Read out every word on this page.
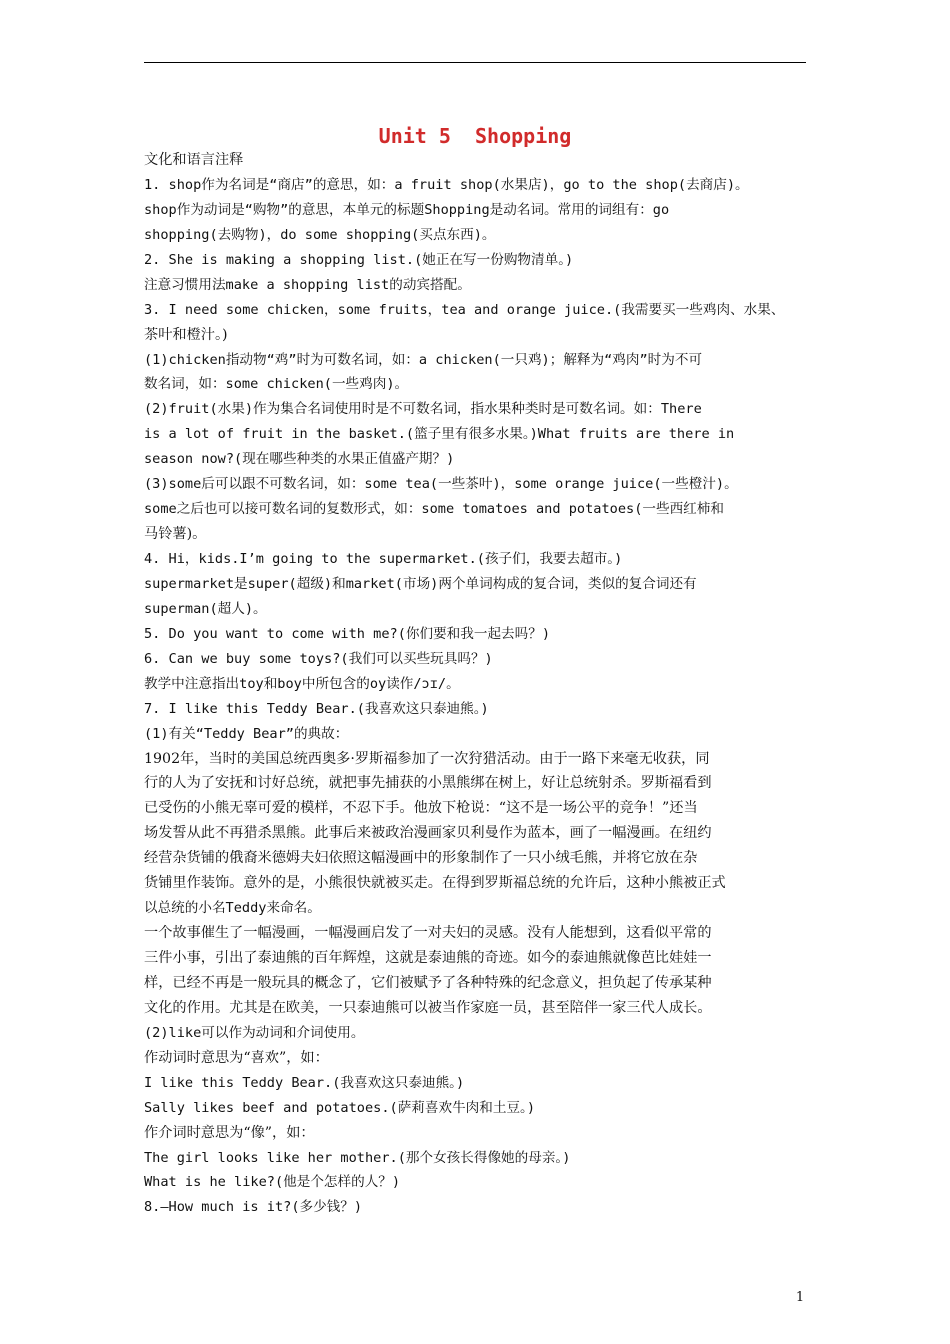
Unit 5  Shopping
文化和语言注释
1. shop作为名词是“商店”的意思，如：a fruit shop(水果店)，go to the shop(去商店)。
shop作为动词是“购物”的意思，本单元的标题Shopping是动名词。常用的词组有：go
shopping(去购物)，do some shopping(买点东西)。
2. She is making a shopping list.(她正在写一份购物清单。)
注意习惯用法make a shopping list的动宾搭配。
3. I need some chicken，some fruits，tea and orange juice.(我需要买一些鸡肉、水果、
茶叶和橙汁。)
(1)chicken指动物“鸡”时为可数名词，如：a chicken(一只鸡)；解释为“鸡肉”时为不可
数名词，如：some chicken(一些鸡肉)。
(2)fruit(水果)作为集合名词使用时是不可数名词，指水果种类时是可数名词。如：There
is a lot of fruit in the basket.(篮子里有很多水果。)What fruits are there in
season now?(现在哪些种类的水果正值盛产期？)
(3)some后可以跟不可数名词，如：some tea(一些茶叶)，some orange juice(一些橙汁)。
some之后也可以接可数名词的复数形式，如：some tomatoes and potatoes(一些西红柿和
马铃薯)。
4. Hi，kids.I’m going to the supermarket.(孩子们，我要去超市。)
supermarket是super(超级)和market(市场)两个单词构成的复合词，类似的复合词还有
superman(超人)。
5. Do you want to come with me?(你们要和我一起去吗？)
6. Can we buy some toys?(我们可以买些玩具吗？)
教学中注意指出toy和boy中所包含的oy读作/ɔɪ/。
7. I like this Teddy Bear.(我喜欢这只泰迪熊。)
(1)有关“Teddy Bear”的典故：
1902年，当时的美国总统西奥多·罗斯福参加了一次狩猎活动。由于一路下来毫无收获，同
行的人为了安抚和讨好总统，就把事先捕获的小黑熊绑在树上，好让总统射杀。罗斯福看到
已受伤的小熊无辜可爱的模样，不忍下手。他放下枪说：“这不是一场公平的竞争！”还当
场发誓从此不再猎杀黑熊。此事后来被政治漫画家贝利曼作为蓝本，画了一幅漫画。在纽约
经营杂货铺的俄裔米德姆夫妇依照这幅漫画中的形象制作了一只小绒毛熊，并将它放在杂
货铺里作装饰。意外的是，小熊很快就被买走。在得到罗斯福总统的允许后，这种小熊被正式
以总统的小名Teddy来命名。
一个故事催生了一幅漫画，一幅漫画启发了一对夫妇的灵感。没有人能想到，这看似平常的
三件小事，引出了泰迪熊的百年辉煌，这就是泰迪熊的奇迹。如今的泰迪熊就像芭比娃娃一
样，已经不再是一般玩具的概念了，它们被赋予了各种特殊的纪念意义，担负起了传承某种
文化的作用。尤其是在欧美，一只泰迪熊可以被当作家庭一员，甚至陪伴一家三代人成长。
(2)like可以作为动词和介词使用。
作动词时意思为“喜欢”，如：
I like this Teddy Bear.(我喜欢这只泰迪熊。)
Sally likes beef and potatoes.(萨莉喜欢牛肉和土豆。)
作介词时意思为“像”，如：
The girl looks like her mother.(那个女孩长得像她的母亲。)
What is he like?(他是个怎样的人？)
8.—How much is it?(多少钱？)
1
